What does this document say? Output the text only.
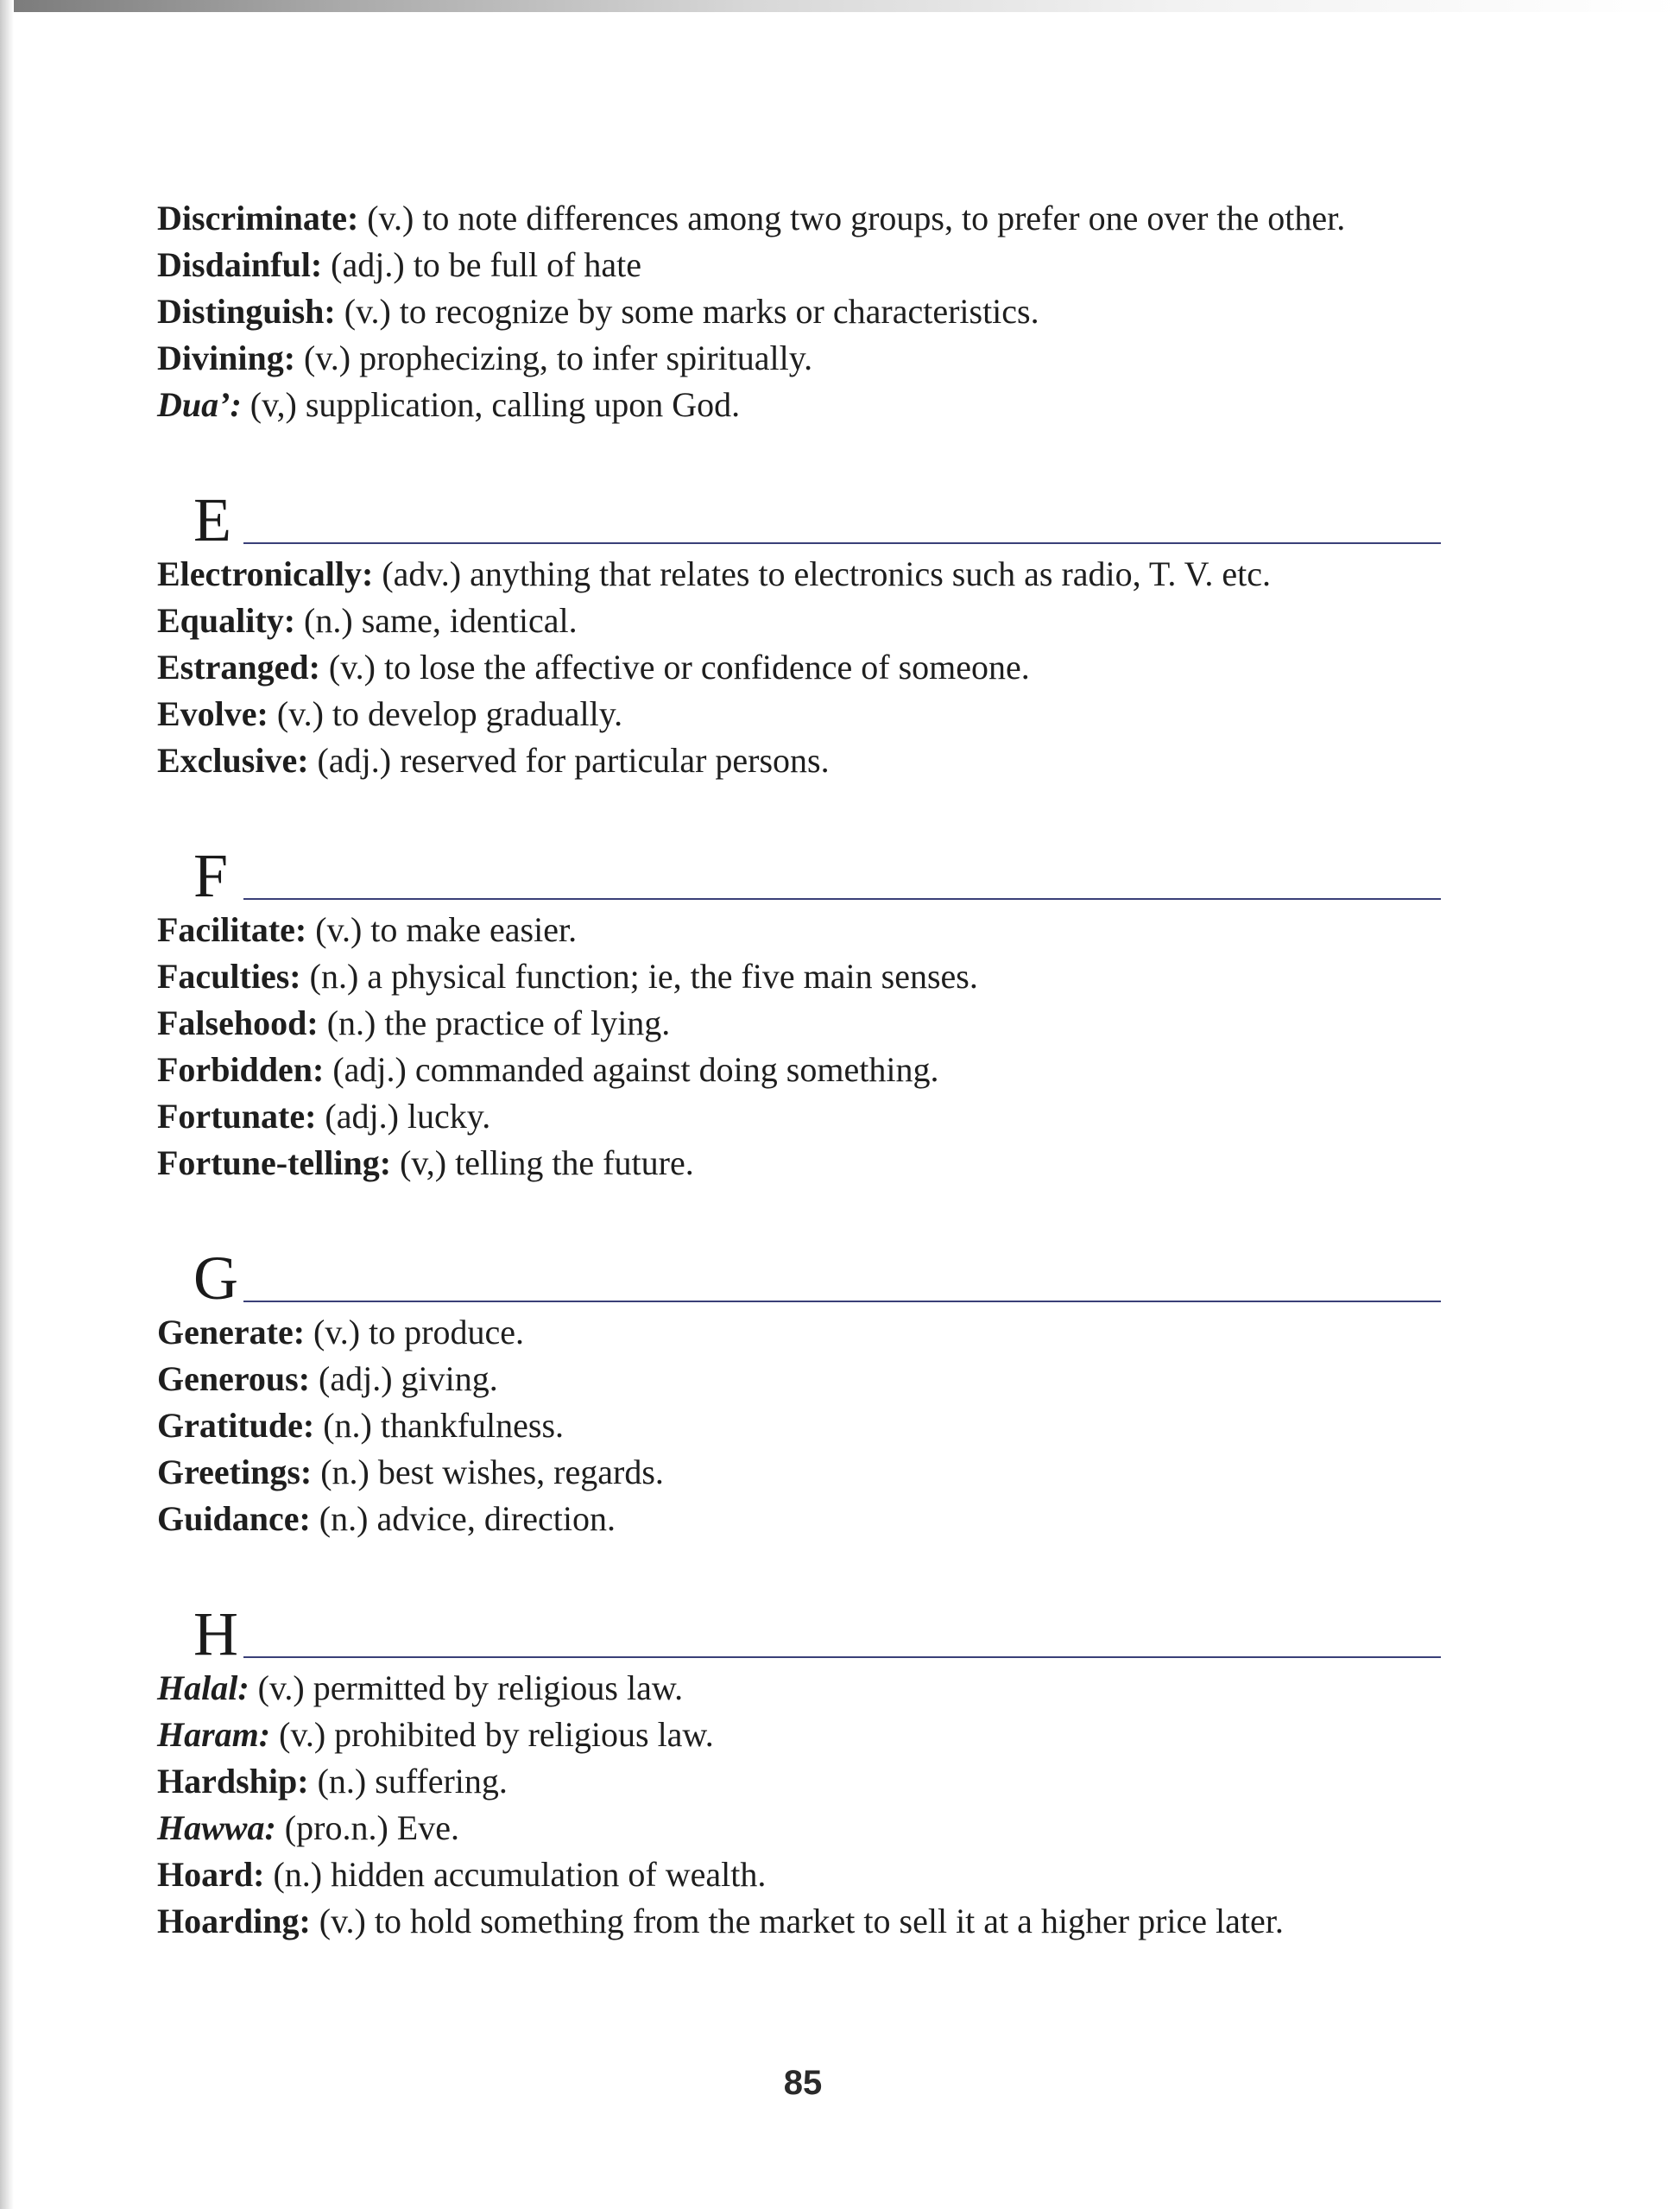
Discriminate: (v.) to note differences among two groups, to prefer one over the other.

Disdainful: (adj.) to be full of hate

Distinguish: (v.) to recognize by some marks or characteristics.

Divining: (v.) prophecizing, to infer spiritually.

Dua’: (v,) supplication, calling upon God.

E

Electronically: (adv.) anything that relates to electronics such as radio, T. V. etc.

Equality: (n.) same, identical.

Estranged: (v.) to lose the affective or confidence of someone.

Evolve: (v.) to develop gradually.

Exclusive: (adj.) reserved for particular persons.

F

Facilitate: (v.) to make easier.

Faculties: (n.) a physical function; ie, the five main senses.

Falsehood: (n.) the practice of lying.

Forbidden: (adj.) commanded against doing something.

Fortunate: (adj.) lucky.

Fortune-telling: (v,) telling the future.

G

Generate: (v.) to produce.

Generous: (adj.) giving.

Gratitude: (n.) thankfulness.

Greetings: (n.) best wishes, regards.

Guidance: (n.) advice, direction.

H

Halal: (v.) permitted by religious law.

Haram: (v.) prohibited by religious law.

Hardship: (n.) suffering.

Hawwa: (pro.n.) Eve.

Hoard: (n.) hidden accumulation of wealth.

Hoarding: (v.) to hold something from the market to sell it at a higher price later.

85
